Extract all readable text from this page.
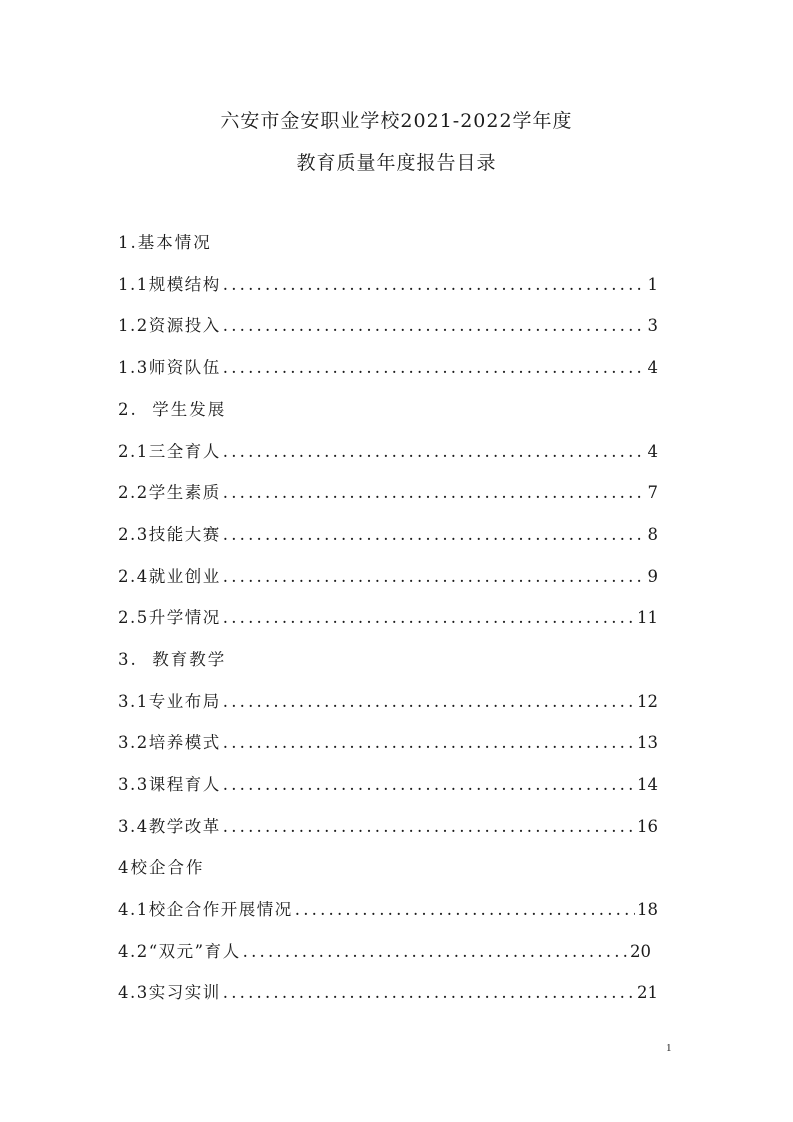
六安市金安职业学校2021-2022学年度
教育质量年度报告目录
1.基本情况
1.1规模结构 .....	1
1.2资源投入 .....	3
1.3师资队伍 .....	4
2.  学生发展
2.1三全育人 .....	4
2.2学生素质 .....	7
2.3技能大赛 .....	8
2.4就业创业 .....	9
2.5升学情况 .....	11
3.  教育教学
3.1专业布局 .....	12
3.2培养模式 .....	13
3.3课程育人 .....	14
3.4教学改革 .....	16
4校企合作
4.1校企合作开展情况 .....	18
4.2“双元”育人 .....	20
4.3实习实训 .....	21
1
